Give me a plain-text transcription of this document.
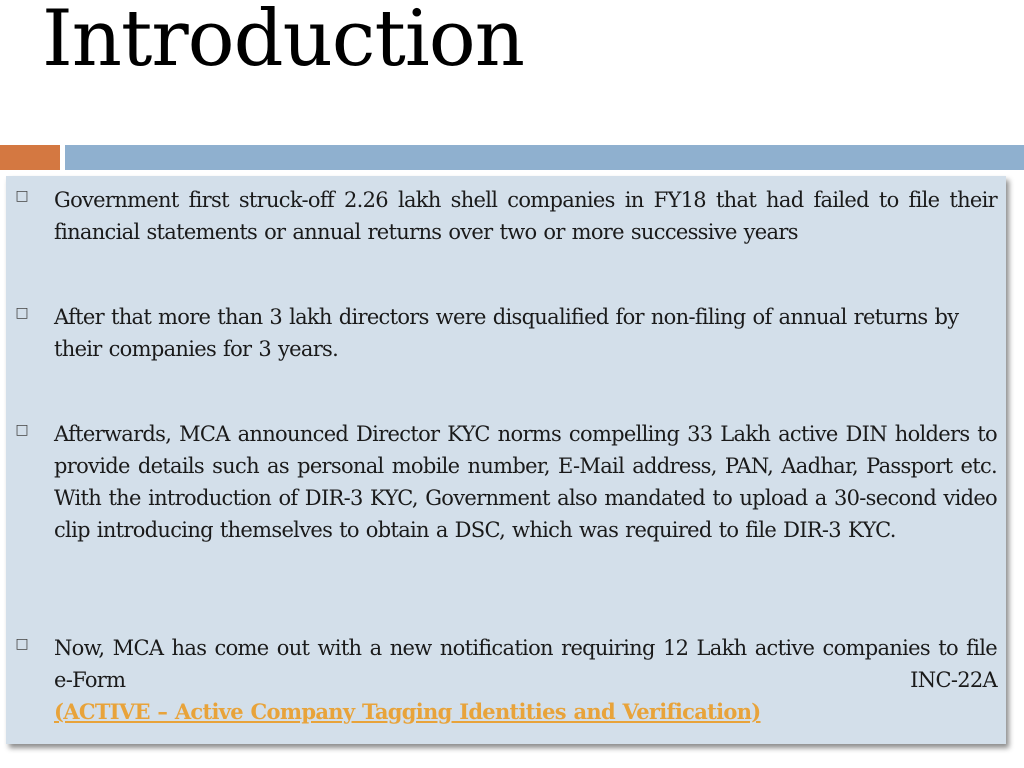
Introduction
□ Government first struck-off 2.26 lakh shell companies in FY18 that had failed to file their financial statements or annual returns over two or more successive years
□ After that more than 3 lakh directors were disqualified for non-filing of annual returns by their companies for 3 years.
□ Afterwards, MCA announced Director KYC norms compelling 33 Lakh active DIN holders to provide details such as personal mobile number, E-Mail address, PAN, Aadhar, Passport etc. With the introduction of DIR-3 KYC, Government also mandated to upload a 30-second video clip introducing themselves to obtain a DSC, which was required to file DIR-3 KYC.
□ Now, MCA has come out with a new notification requiring 12 Lakh active companies to file e-Form INC-22A
(ACTIVE – Active Company Tagging Identities and Verification)
